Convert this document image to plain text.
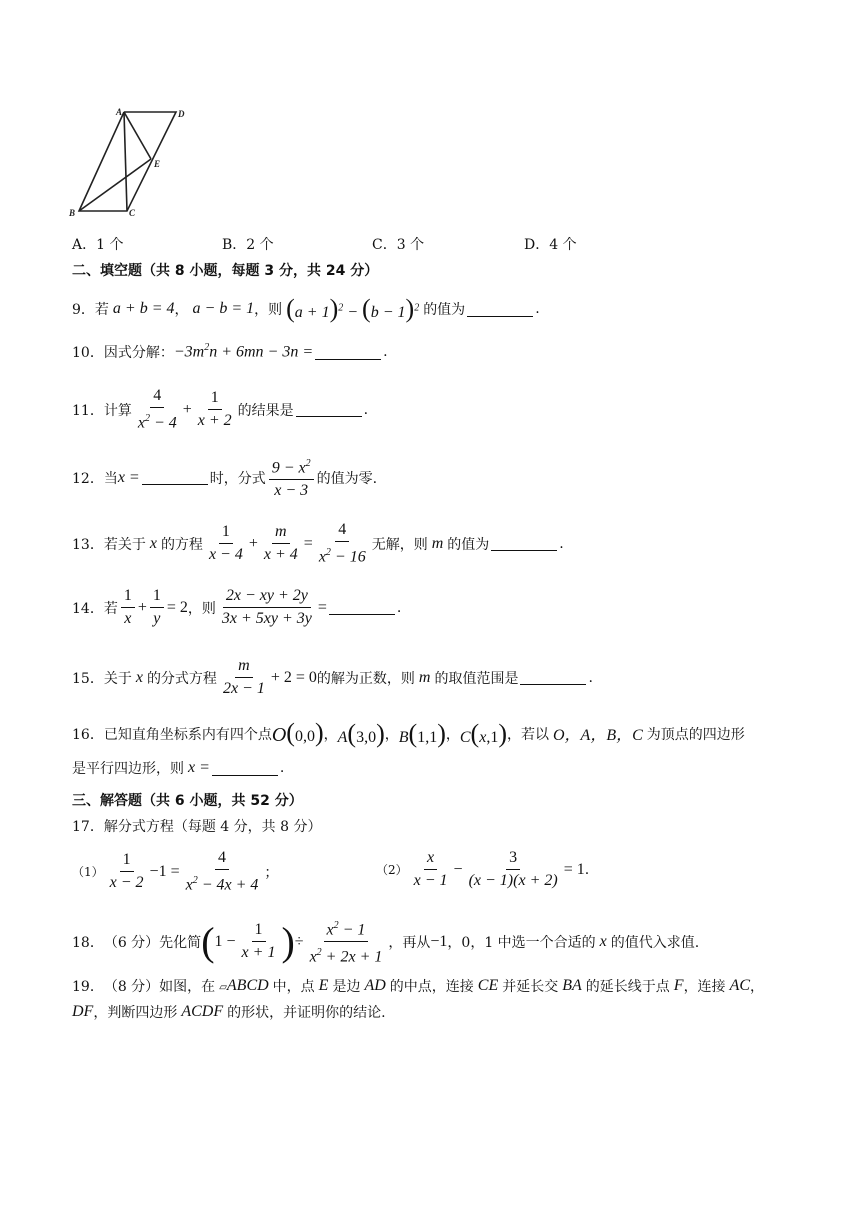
A	D
E
B	C
A．1 个	B．2 个	C．3 个	D．4 个
二、填空题（共 8 小题，每题 3 分，共 24 分）
9． 若 a + b = 4 ， a − b = 1 ，则 $(a + 1)^2 - (b - 1)^2$ 的值为	.
10． 因式分解： $-3m^2n + 6mn - 3n$ =	.
11． 计算 $\frac{4}{x^2 - 4} + \frac{1}{x + 2}$ 的结果是	.
12． 当 x =	时，分式 $\frac{9 - x^2}{x - 3}$ 的值为零.
13． 若关于 x 的方程 $\frac{1}{x - 4} + \frac{m}{x + 4} = \frac{4}{x^2 - 16}$ 无解，则 m 的值为	.
14． 若 $\frac{1}{x} + \frac{1}{y} = 2$ ，则 $\frac{2x - xy + 2y}{3x + 5xy + 3y}$ =	.
15． 关于 x 的分式方程 $\frac{m}{2x - 1} + 2 = 0$ 的解为正数，则 m 的取值范围是	.
16． 已知直角坐标系内有四个点 O(0,0) ， A(3,0) ， B(1,1) ， C(x,1) ，若以 O，A，B，C 为顶点的四边形
是平行四边形，则 x =	.
三、解答题（共 6 小题，共 52 分）
17． 解分式方程（每题 4 分，共 8 分）
$(1) \frac{1}{x - 2} -1 = \frac{4}{x^2 - 4x + 4}$ ；	$(2) \frac{x}{x - 1} - \frac{3}{(x - 1)(x + 2)} = 1$ .
18． （6 分）先化简 ( $1 - \frac{1}{x + 1}$ ) ÷ $\frac{x^2 - 1}{x^2 + 2x + 1}$ ，再从 −1 ，0，1 中选一个合适的 x 的值代入求值.
19． （8 分）如图，在 ▱ABCD 中，点 E 是边 AD 的中点，连接 CE 并延长交 BA 的延长线于点 F ，连接 AC ，
DF ，判断四边形 ACDF 的形状，并证明你的结论.
